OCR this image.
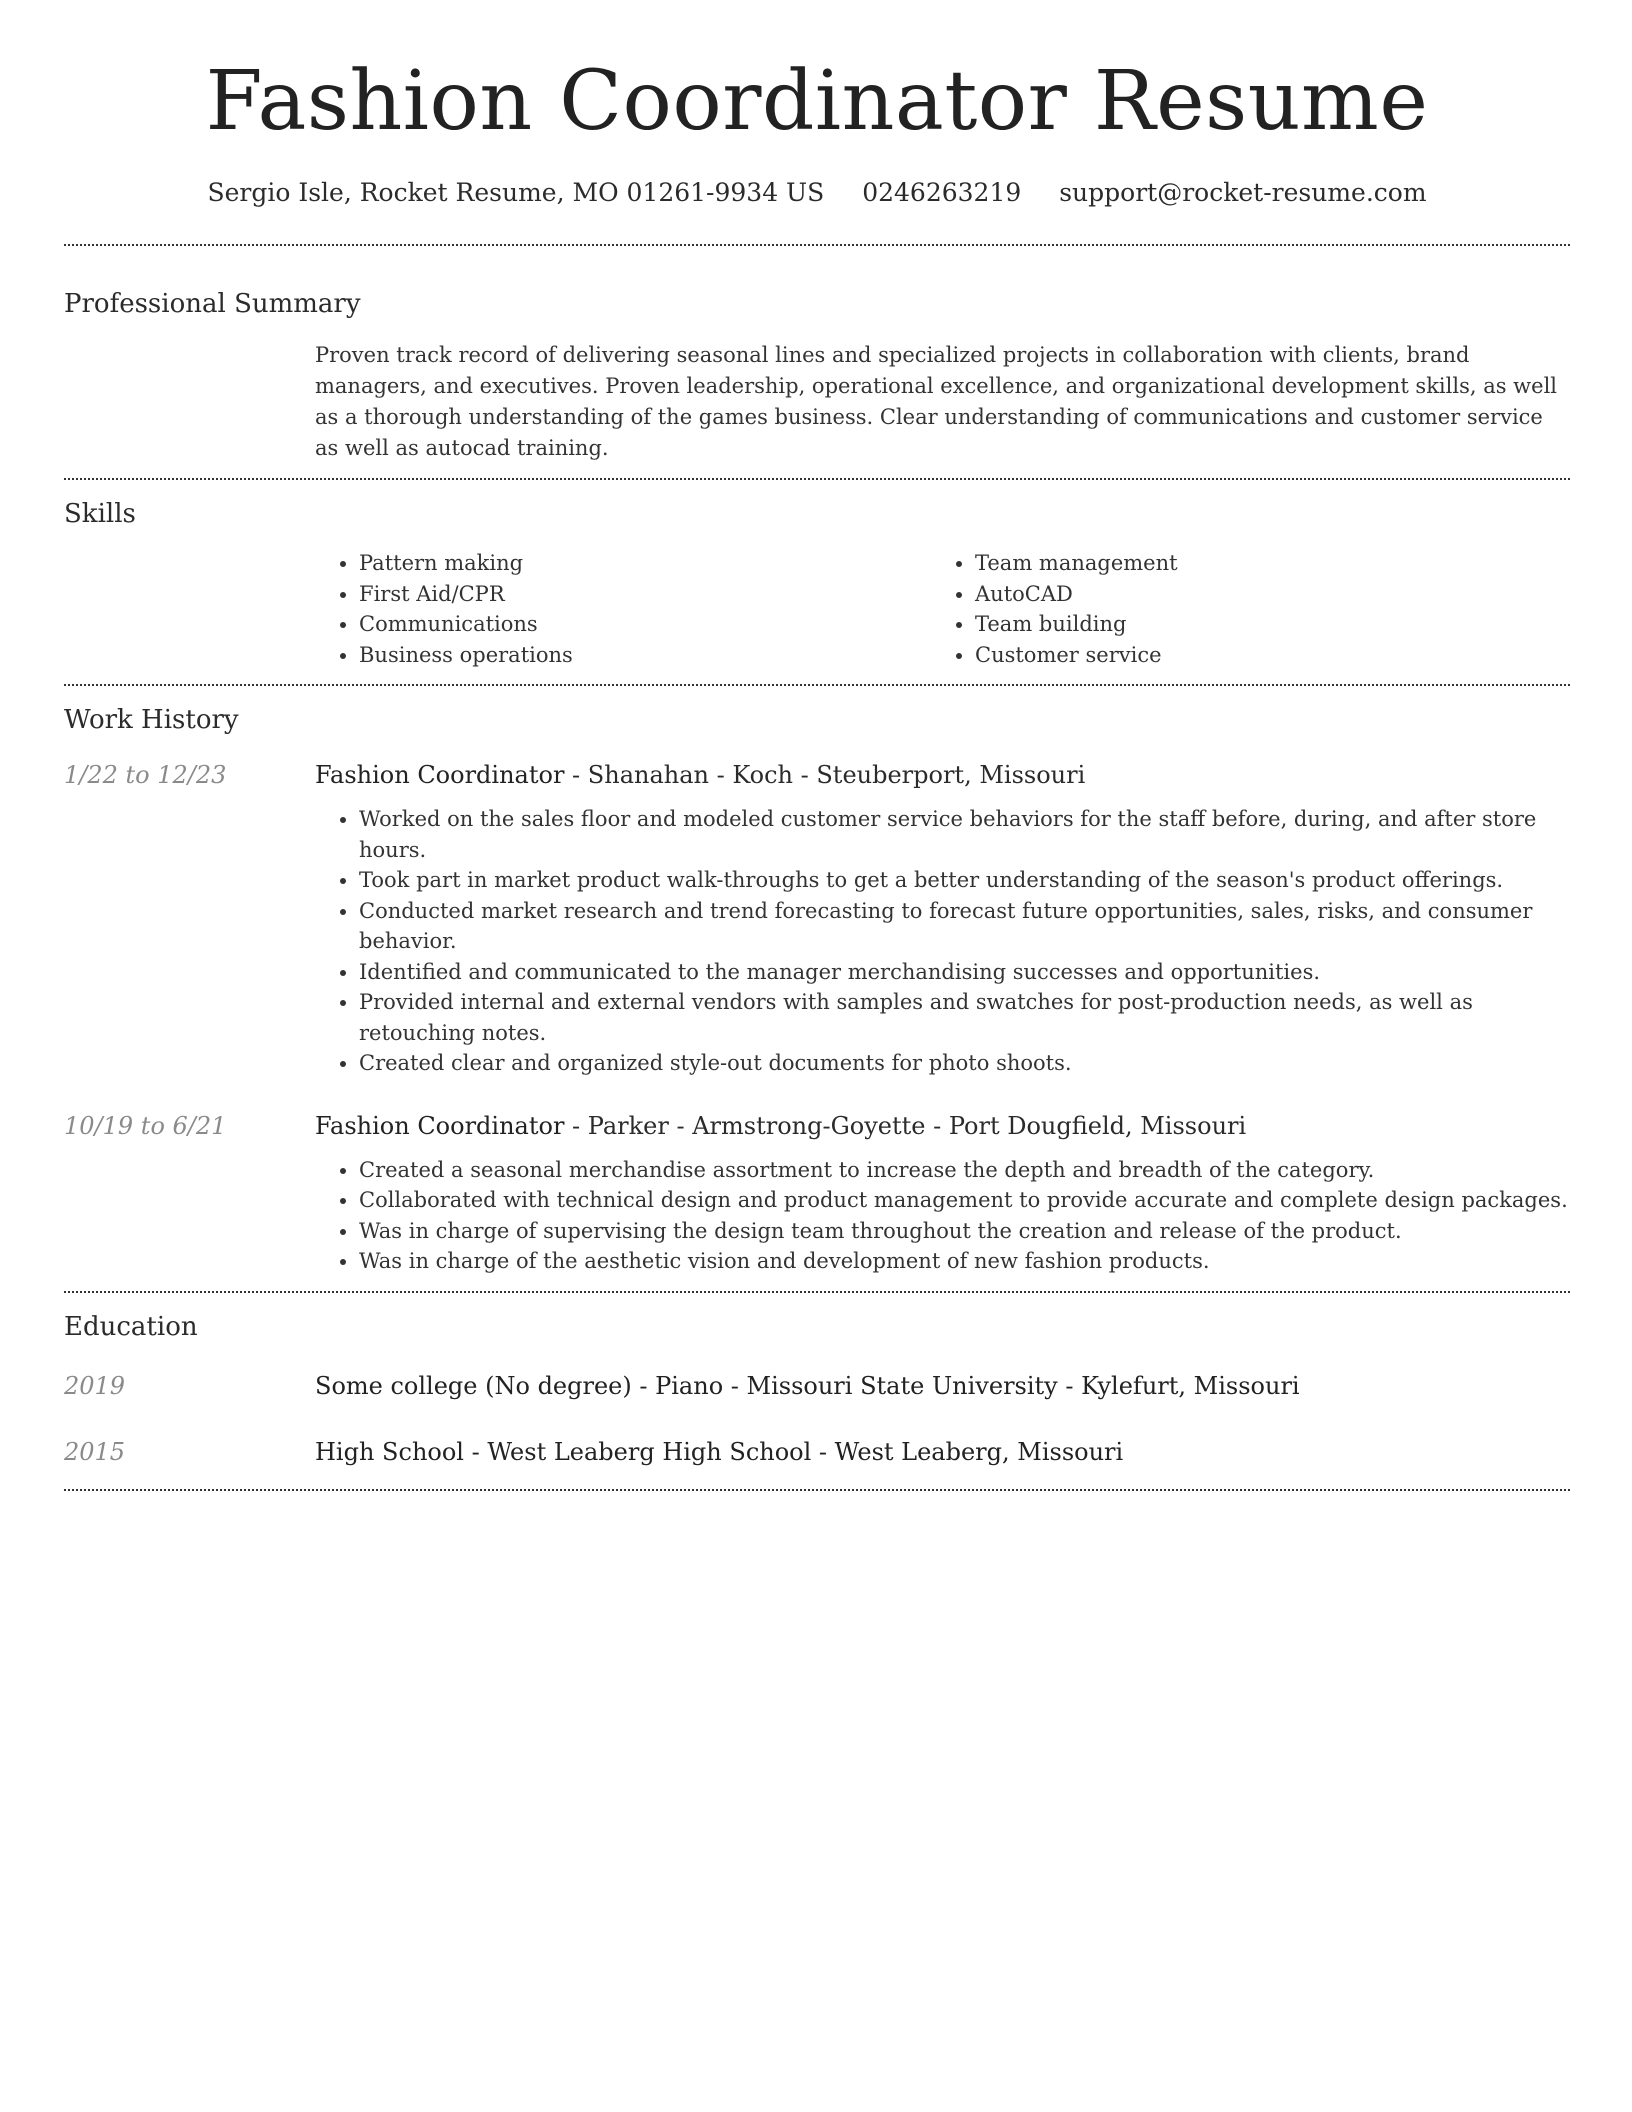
Fashion Coordinator Resume
Sergio Isle, Rocket Resume, MO 01261-9934 US 0246263219 support@rocket-resume.com
Professional Summary

Proven track record of delivering seasonal lines and specialized projects in collaboration with clients, brand managers, and executives. Proven leadership, operational excellence, and organizational development skills, as well as a thorough understanding of the games business. Clear understanding of communications and customer service as well as autocad training.

Skills
• Pattern making
• First Aid/CPR
• Communications
• Business operations
• Team management
• AutoCAD
• Team building
• Customer service
Work History
1/22 to 12/23	Fashion Coordinator - Shanahan - Koch - Steuberport, Missouri
• Worked on the sales floor and modeled customer service behaviors for the staff before, during, and after store hours.
• Took part in market product walk-throughs to get a better understanding of the season's product offerings.
• Conducted market research and trend forecasting to forecast future opportunities, sales, risks, and consumer behavior.
• Identified and communicated to the manager merchandising successes and opportunities.
• Provided internal and external vendors with samples and swatches for post-production needs, as well as retouching notes.
• Created clear and organized style-out documents for photo shoots.
10/19 to 6/21	Fashion Coordinator - Parker - Armstrong-Goyette - Port Dougfield, Missouri
• Created a seasonal merchandise assortment to increase the depth and breadth of the category.
• Collaborated with technical design and product management to provide accurate and complete design packages.
• Was in charge of supervising the design team throughout the creation and release of the product.
• Was in charge of the aesthetic vision and development of new fashion products.
Education
2019	Some college (No degree) - Piano - Missouri State University - Kylefurt, Missouri
2015	High School - West Leaberg High School - West Leaberg, Missouri
